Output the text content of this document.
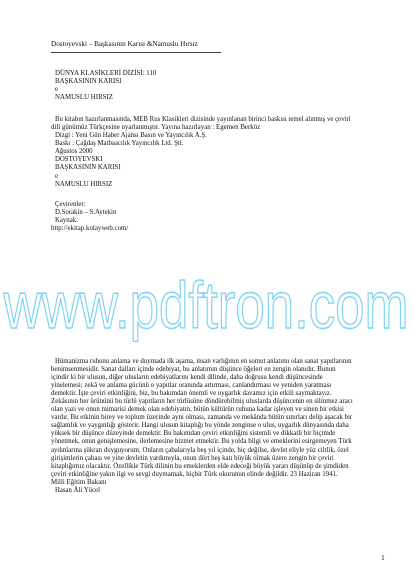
Dostoyevski – Başkasının Karısı &Namuslu Hırsız
DÜNYA KLASİKLERİ DİZİSİ: 110
BAŞKASININ KARISI
e
NAMUSLU HIRSIZ
Bu kitabın hazırlanmasında, MEB Rus Klasikleri dizisinde yayınlanan birinci baskısı temel alınmış ve çeviri
dili günümüz Türkçesine uyarlanmıştır. Yayına hazırlayan : Egemen Berköz
Dizgi : Yeni Gün Haber Ajansı Basın ve Yayıncılık A.Ş.
Baskı : Çağdaş Matbaacılık Yayıncılık Ltd. Şti.
Ağustos 2000
DOSTOYEVSKİ
BAŞKASININ KARISI
e
NAMUSLU HIRSIZ
Çevirenler:
D.Sorakin – S.Aytekin
Kaynak:
http://ekitap.kolayweb.com/
www.pdftron.com
Hümanizma ruhunu anlama ve duymada ilk aşama, insan varlığının en somut anlatımı olan sanat yapıtlarının
benimsenmesidir. Sanat dalları içinde edebiyat, bu anlatımın düşünce öğeleri en zengin olanıdır. Bunun
içindir ki bir ulusun, diğer ulusların edebiyatlarını kendi dilinde, daha doğrusu kendi düşüncesinde
yinelemesi; zekâ ve anlama gücünü o yapıtlar oranında artırması, canlandırması ve yeniden yaratması
demektir. İşte çeviri etkinliğini, biz, bu bakımdan önemli ve uygarlık davamız için etkili saymaktayız.
Zekâsının her ürününü bu türlü yapıtların her türlüsüne döndürebilmiş uluslarda düşüncenin en silinmez aracı
olan yazı ve onun mimarisi demek olan edebiyatın, bütün kültürün ruhuna kadar işleyen ve sinen bir etkisi
vardır. Bu etkinin birey ve toplum üzerinde aynı olması, zamanda ve mekânda bütün sınırları delip aşacak bir
sağlamlık ve yaygınlığı gösterir. Hangi ulusun kitaplığı bu yönde zenginse o ulus, uygarlık dünyasında daha
yüksek bir düşünce düzeyinde demektir. Bu bakımdan çeviri etkinliğini sistemli ve dikkatli bir biçimde
yönetmek, onun genişlemesine, ilerlemesine hizmet etmektir. Bu yolda bilgi ve emeklerini esirgemeyen Türk
aydınlarına şükran duyguyorum. Onların çabalarıyla beş yıl içinde, hiç değilse, devlet eliyle yüz ciltlik, özel
girişimlerin çabası ve yine devletin yardımıyla, onun dört beş katı büyük olmak üzere zengin bir çeviri
kitaplığımız olacaktır. Özellikle Türk dilinin bu emeklerden elde edeceği büyük yararı düşünüp de şimdiden
çeviri etkinliğine yakın ilgi ve sevgi duymamak, hiçbir Türk okurunun elinde değildir. 23 Haziran 1941.
Milli Eğitim Bakanı
Hasan Âli Yücel
1
